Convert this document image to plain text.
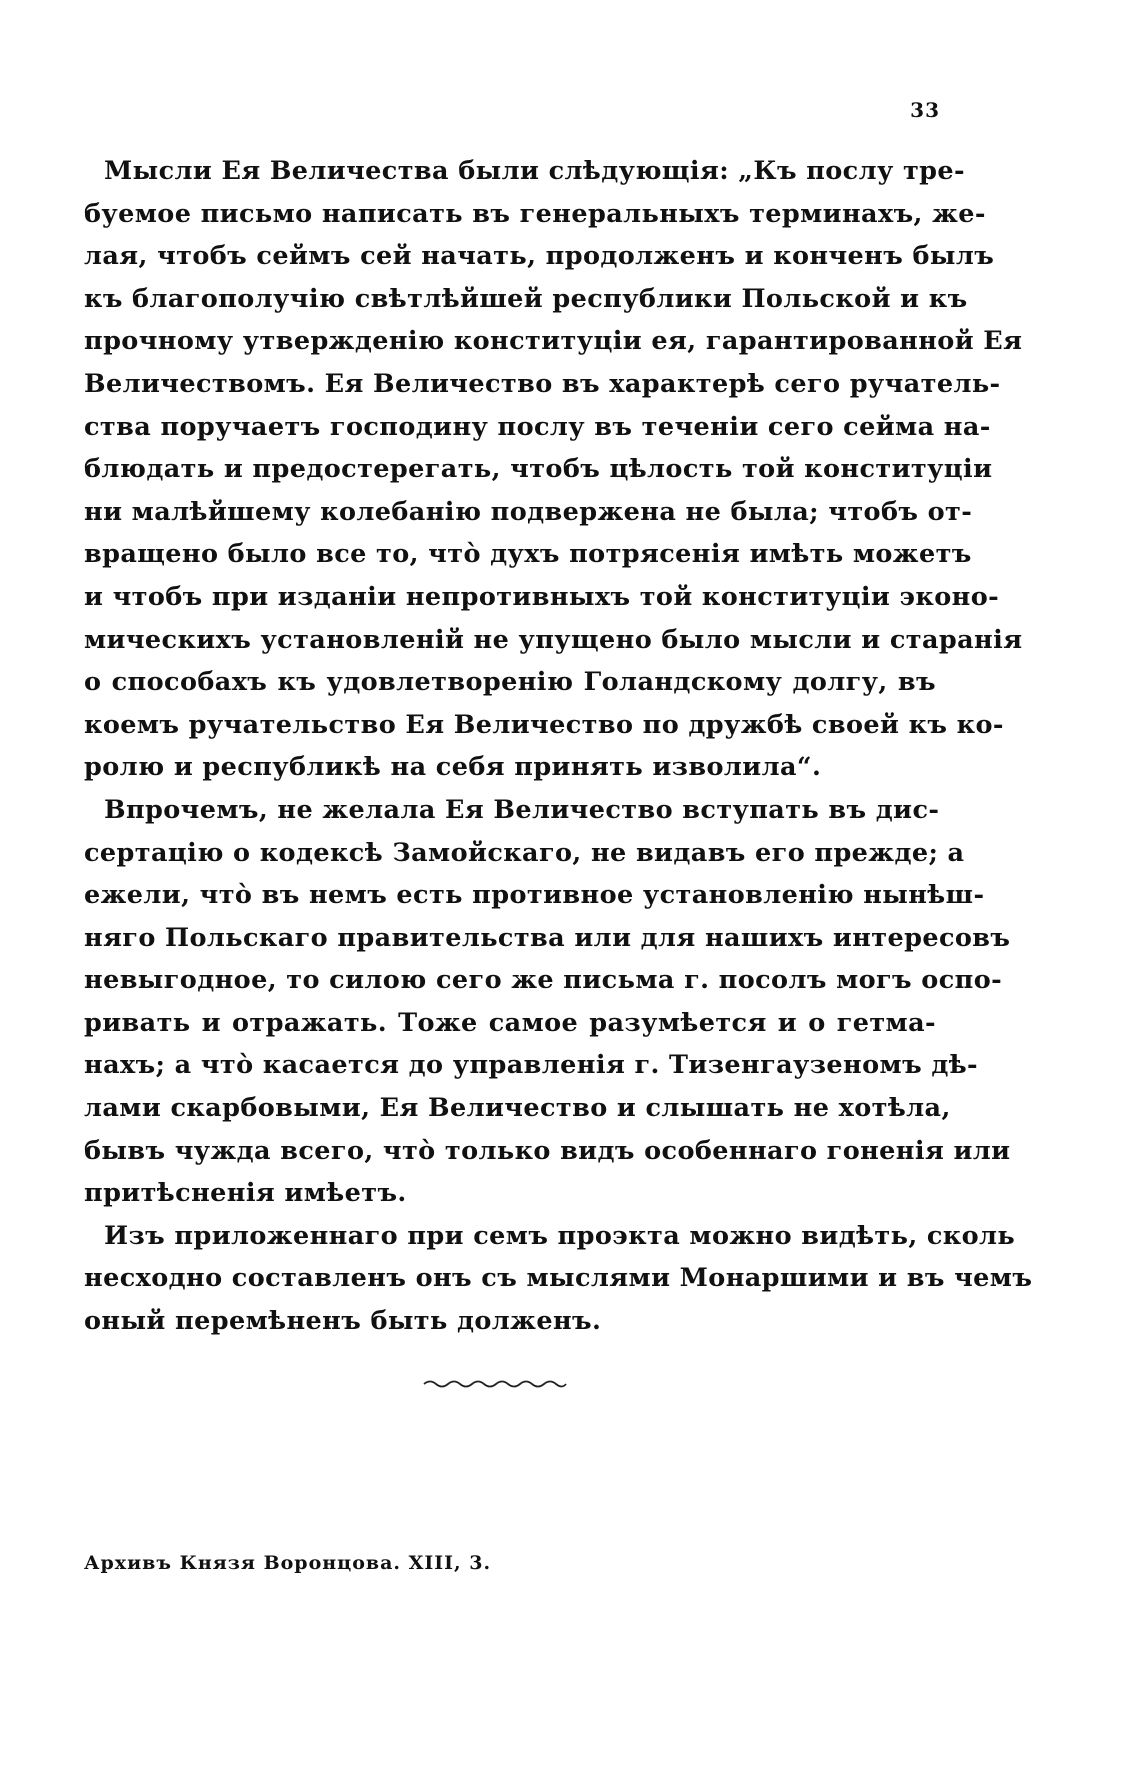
33
Мысли Ея Величества были слѣдующія: „Къ послу тре-
буемое письмо написать въ генеральныхъ терминахъ, же-
лая, чтобъ сеймъ сей начать, продолженъ и конченъ былъ
къ благополучію свѣтлѣйшей республики Польской и къ
прочному утвержденію конституціи ея, гарантированной Ея
Величествомъ. Ея Величество въ характерѣ сего ручатель-
ства поручаетъ господину послу въ теченіи сего сейма на-
блюдать и предостерегать, чтобъ цѣлость той конституціи
ни малѣйшему колебанію подвержена не была; чтобъ от-
вращено было все то, что̀ духъ потрясенія имѣть можетъ
и чтобъ при изданіи непротивныхъ той конституціи эконо-
мическихъ установленій не упущено было мысли и старанія
о способахъ къ удовлетворенію Голандскому долгу, въ
коемъ ручательство Ея Величество по дружбѣ своей къ ко-
ролю и республикѣ на себя принять изволила“.
Впрочемъ, не желала Ея Величество вступать въ дис-
сертацію о кодексѣ Замойскаго, не видавъ его прежде; а
ежели, что̀ въ немъ есть противное установленію нынѣш-
няго Польскаго правительства или для нашихъ интересовъ
невыгодное, то силою сего же письма г. посолъ могъ оспо-
ривать и отражать. Тоже самое разумѣется и о гетма-
нахъ; а что̀ касается до управленія г. Тизенгаузеномъ дѣ-
лами скарбовыми, Ея Величество и слышать не хотѣла,
бывъ чужда всего, что̀ только видъ особеннаго гоненія или
притѣсненія имѣетъ.
Изъ приложеннаго при семъ проэкта можно видѣть, сколь
несходно составленъ онъ съ мыслями Монаршими и въ чемъ
оный перемѣненъ быть долженъ.
Архивъ Князя Воронцова. XIII, 3.
